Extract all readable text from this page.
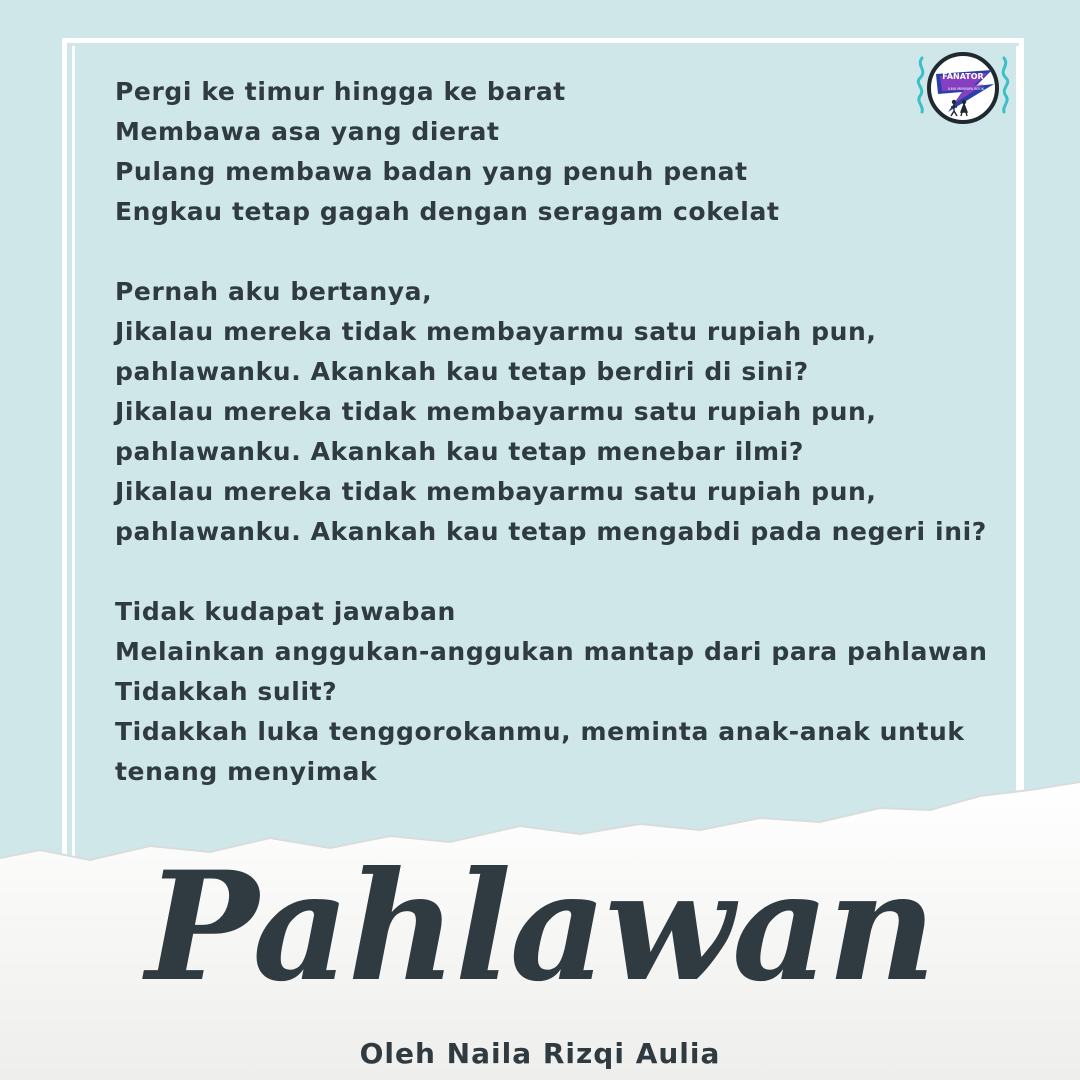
Pergi ke timur hingga ke barat
Membawa asa yang dierat
Pulang membawa badan yang penuh penat
Engkau tetap gagah dengan seragam cokelat
Pernah aku bertanya,
Jikalau mereka tidak membayarmu satu rupiah pun,
pahlawanku. Akankah kau tetap berdiri di sini?
Jikalau mereka tidak membayarmu satu rupiah pun,
pahlawanku. Akankah kau tetap menebar ilmi?
Jikalau mereka tidak membayarmu satu rupiah pun,
pahlawanku. Akankah kau tetap mengabdi pada negeri ini?
Tidak kudapat jawaban
Melainkan anggukan-anggukan mantap dari para pahlawan
Tidakkah sulit?
Tidakkah luka tenggorokanmu, meminta anak-anak untuk
tenang menyimak
FANATOR
ILMU MENYAPA BOOK
Pahlawan
Oleh Naila Rizqi Aulia
